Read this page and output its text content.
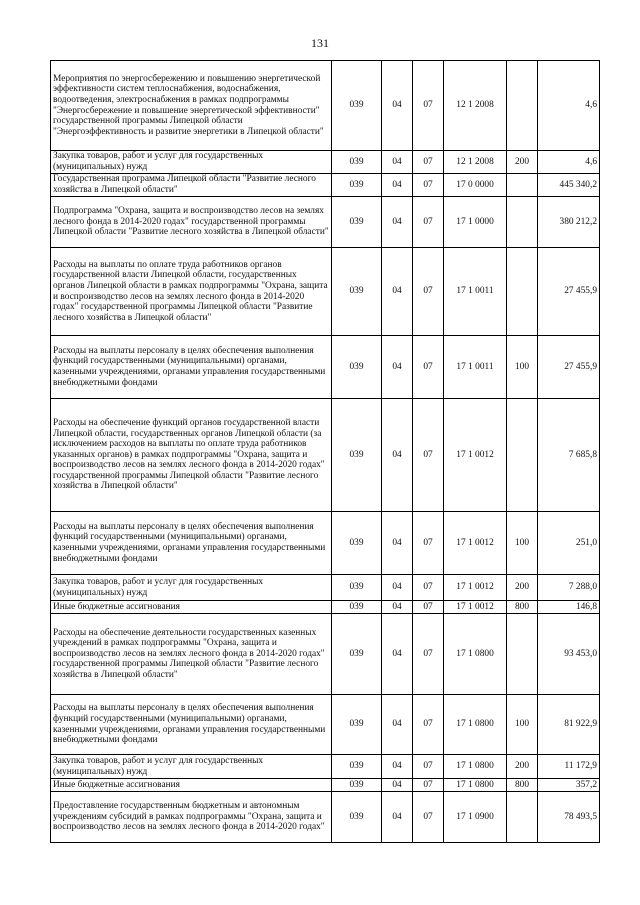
131
Мероприятия по энергосбережению и повышению энергетической эффективности систем теплоснабжения, водоснабжения, водоотведения, электроснабжения в рамках подпрограммы "Энергосбережение и повышение энергетической эффективности" государственной программы Липецкой области "Энергоэффективность и развитие энергетики в Липецкой области"	039	04	07	12 1 2008		4,6
Закупка товаров, работ и услуг для государственных (муниципальных) нужд	039	04	07	12 1 2008	200	4,6
Государственная программа Липецкой области "Развитие лесного хозяйства в Липецкой области"	039	04	07	17 0 0000		445 340,2
Подпрограмма "Охрана, защита и воспроизводство лесов на землях лесного фонда в 2014-2020 годах" государственной программы Липецкой области "Развитие лесного хозяйства в Липецкой области"	039	04	07	17 1 0000		380 212,2
Расходы на выплаты по оплате труда работников органов государственной власти Липецкой области, государственных органов Липецкой области в рамках подпрограммы "Охрана, защита и воспроизводство лесов на землях лесного фонда в 2014-2020 годах" государственной программы Липецкой области "Развитие лесного хозяйства в Липецкой области"	039	04	07	17 1 0011		27 455,9
Расходы на выплаты персоналу в целях обеспечения выполнения функций государственными (муниципальными) органами, казенными учреждениями, органами управления государственными внебюджетными фондами	039	04	07	17 1 0011	100	27 455,9
Расходы на обеспечение функций органов государственной власти Липецкой области, государственных органов Липецкой области (за исключением расходов на выплаты по оплате труда работников указанных органов) в рамках подпрограммы "Охрана, защита и воспроизводство лесов на землях лесного фонда в 2014-2020 годах" государственной программы Липецкой области "Развитие лесного хозяйства в Липецкой области"	039	04	07	17 1 0012		7 685,8
Расходы на выплаты персоналу в целях обеспечения выполнения функций государственными (муниципальными) органами, казенными учреждениями, органами управления государственными внебюджетными фондами	039	04	07	17 1 0012	100	251,0
Закупка товаров, работ и услуг для государственных (муниципальных) нужд	039	04	07	17 1 0012	200	7 288,0
Иные бюджетные ассигнования	039	04	07	17 1 0012	800	146,8
Расходы на обеспечение деятельности государственных казенных учреждений в рамках подпрограммы "Охрана, защита и воспроизводство лесов на землях лесного фонда в 2014-2020 годах" государственной программы Липецкой области "Развитие лесного хозяйства в Липецкой области"	039	04	07	17 1 0800		93 453,0
Расходы на выплаты персоналу в целях обеспечения выполнения функций государственными (муниципальными) органами, казенными учреждениями, органами управления государственными внебюджетными фондами	039	04	07	17 1 0800	100	81 922,9
Закупка товаров, работ и услуг для государственных (муниципальных) нужд	039	04	07	17 1 0800	200	11 172,9
Иные бюджетные ассигнования	039	04	07	17 1 0800	800	357,2
Предоставление государственным бюджетным и автономным учреждениям субсидий в рамках подпрограммы "Охрана, защита и воспроизводство лесов на землях лесного фонда в 2014-2020 годах"	039	04	07	17 1 0900		78 493,5
